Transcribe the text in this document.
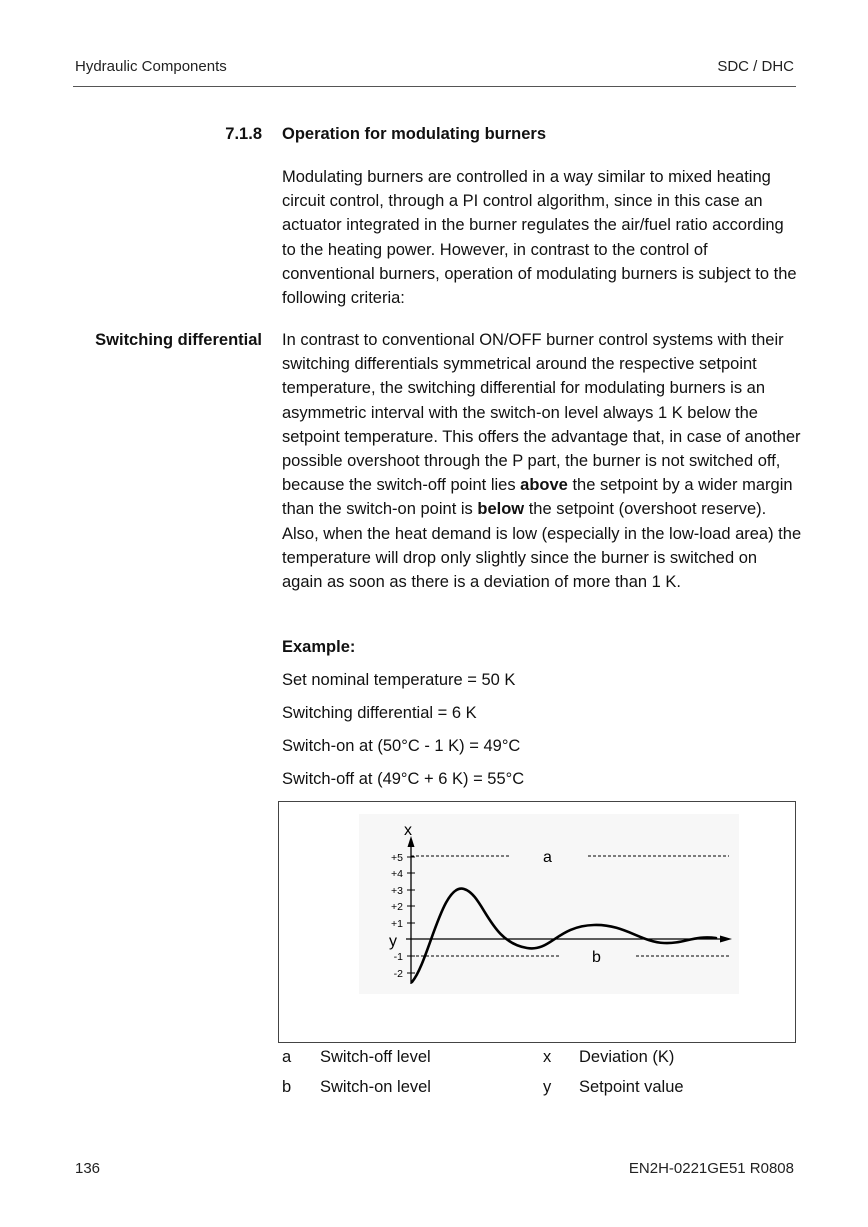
Hydraulic Components	SDC / DHC
7.1.8 Operation for modulating burners
Modulating burners are controlled in a way similar to mixed heating circuit control, through a PI control algorithm, since in this case an actuator integrated in the burner regulates the air/fuel ratio according to the heating power. However, in contrast to the control of conventional burners, operation of modulating burners is subject to the following criteria:
Switching differential In contrast to conventional ON/OFF burner control systems with their switching differentials symmetrical around the respective setpoint temperature, the switching differential for modulating burners is an asymmetric interval with the switch-on level always 1 K below the setpoint temperature. This offers the advantage that, in case of another possible overshoot through the P part, the burner is not switched off, because the switch-off point lies above the setpoint by a wider margin than the switch-on point is below the setpoint (overshoot reserve). Also, when the heat demand is low (especially in the low-load area) the temperature will drop only slightly since the burner is switched on again as soon as there is a deviation of more than 1 K.
Example:
Set nominal temperature = 50 K
Switching differential = 6 K
Switch-on at (50°C - 1 K) = 49°C
Switch-off at (49°C + 6 K) = 55°C
+5
+4
+3
+2
+1
-1
-2
x
y
a
b
a Switch-off level
b Switch-on level
x Deviation (K)
y Setpoint value
136	EN2H-0221GE51 R0808
